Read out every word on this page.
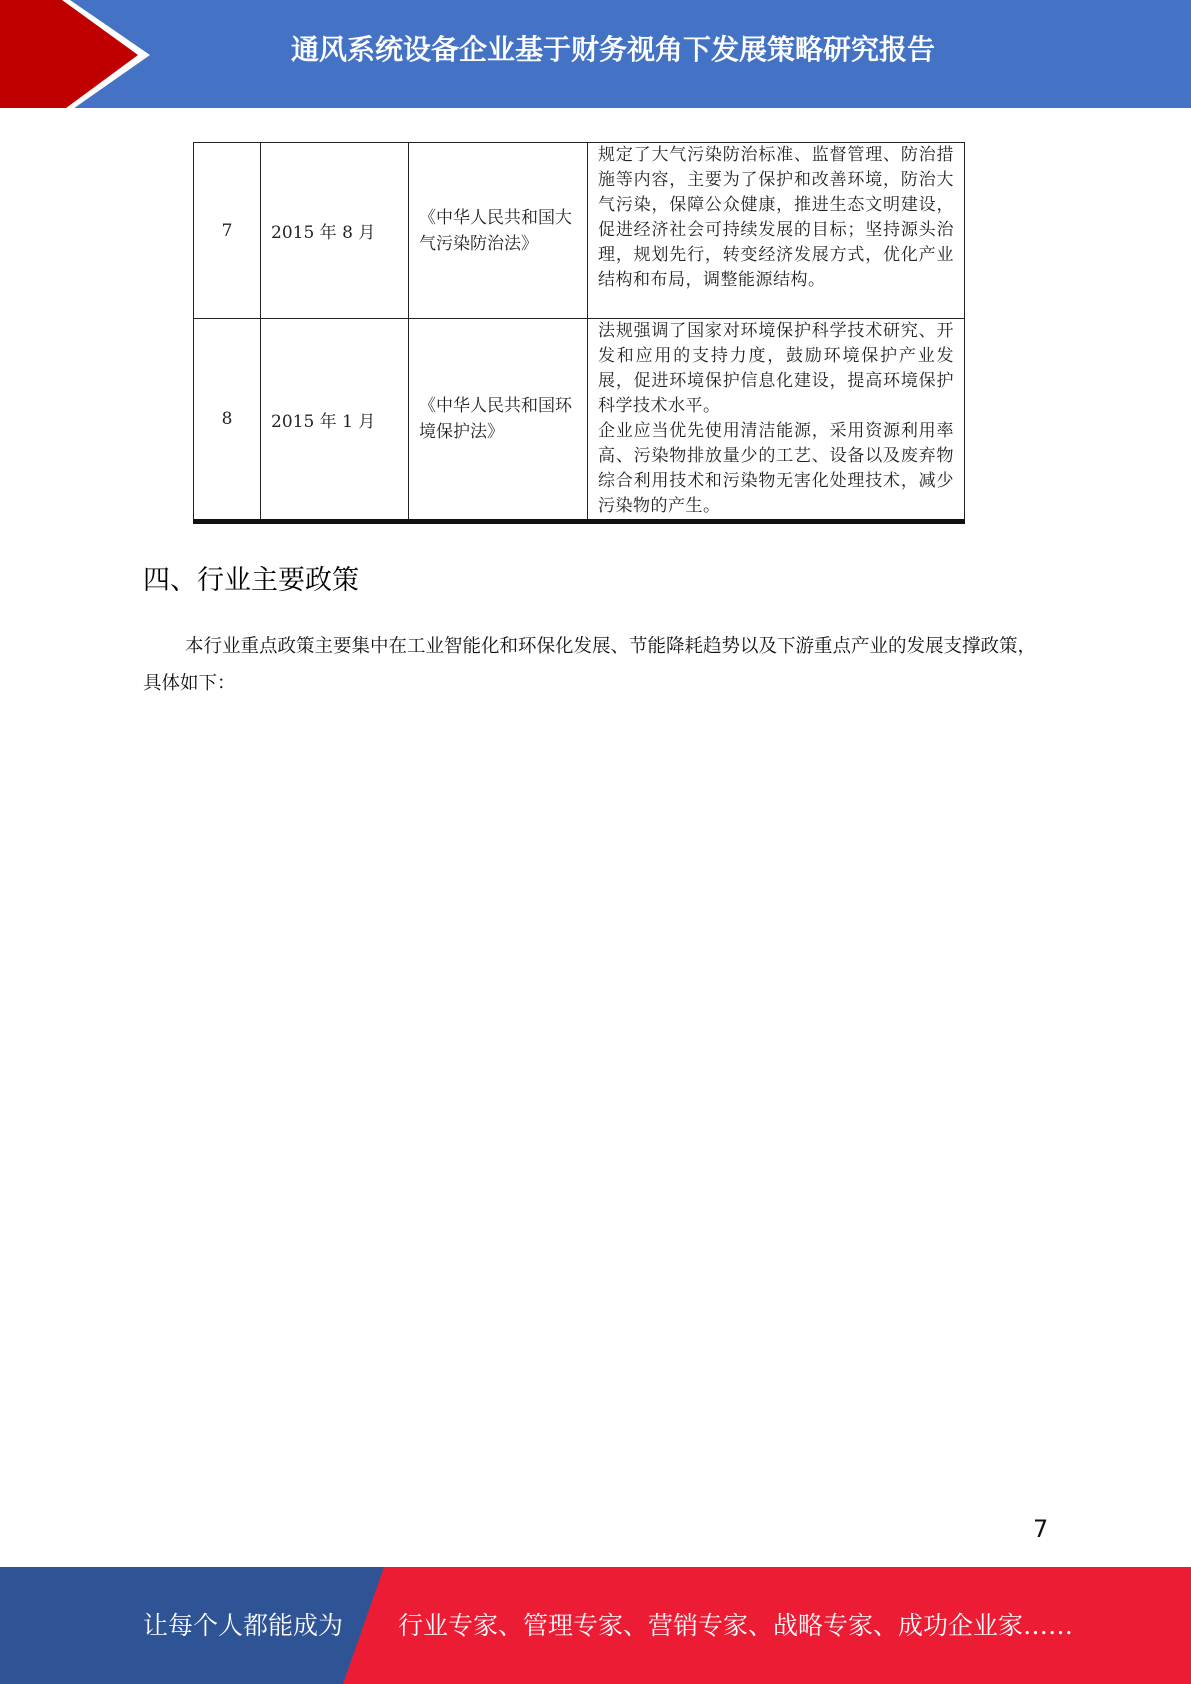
通风系统设备企业基于财务视角下发展策略研究报告
7	2015 年 8 月	《中华人民共和国大气污染防治法》	规定了大气污染防治标准、监督管理、防治措施等内容，主要为了保护和改善环境，防治大气污染，保障公众健康，推进生态文明建设，促进经济社会可持续发展的目标；坚持源头治理，规划先行，转变经济发展方式，优化产业结构和布局，调整能源结构。

8	2015 年 1 月	《中华人民共和国环境保护法》	法规强调了国家对环境保护科学技术研究、开发和应用的支持力度，鼓励环境保护产业发展，促进环境保护信息化建设，提高环境保护科学技术水平。
企业应当优先使用清洁能源，采用资源利用率高、污染物排放量少的工艺、设备以及废弃物综合利用技术和污染物无害化处理技术，减少污染物的产生。
四、行业主要政策

本行业重点政策主要集中在工业智能化和环保化发展、节能降耗趋势以及下游重点产业的发展支撑政策，具体如下：

7
让每个人都能成为 行业专家、管理专家、营销专家、战略专家、成功企业家……
